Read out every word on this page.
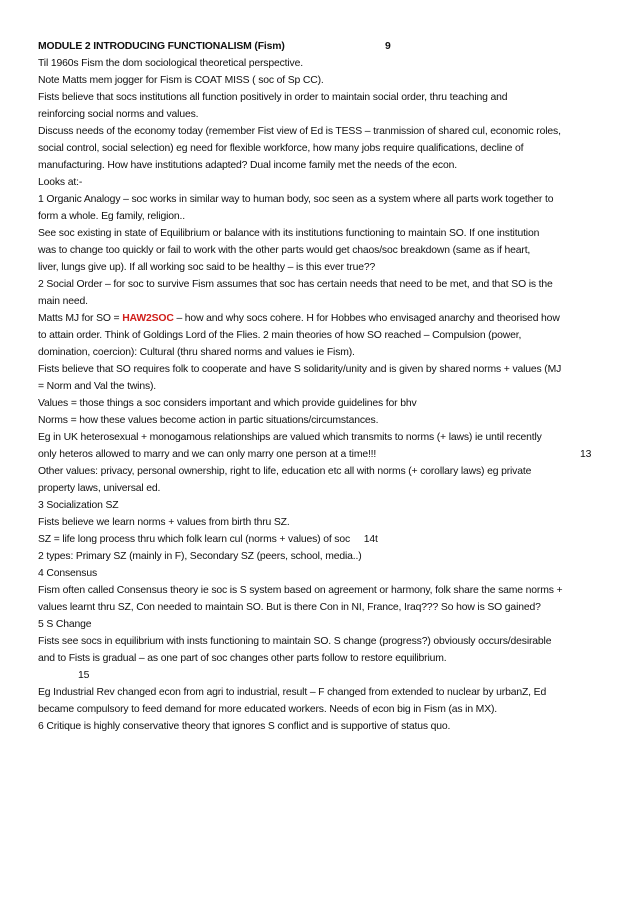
MODULE 2 INTRODUCING FUNCTIONALISM (Fism)	9
Til 1960s Fism the dom sociological theoretical perspective.
Note Matts mem jogger for Fism is COAT MISS ( soc of Sp CC).
Fists believe that socs institutions all function positively in order to maintain social order, thru teaching and
reinforcing social norms and values.
Discuss needs of the economy today (remember Fist view of Ed is TESS – tranmission of shared cul, economic roles,
social control, social selection) eg need for flexible workforce, how many jobs require qualifications, decline of
manufacturing. How have institutions adapted? Dual income family met the needs of the econ.
Looks at:-
1 Organic Analogy – soc works in similar way to human body, soc seen as a system where all parts work together to
form a whole. Eg family, religion..
See soc existing in state of Equilibrium or balance with its institutions functioning to maintain SO. If one institution
was to change too quickly or fail to work with the other parts would get chaos/soc breakdown (same as if heart,
liver, lungs give up). If all working soc said to be healthy – is this ever true??
2 Social Order – for soc to survive Fism assumes that soc has certain needs that need to be met, and that SO is the
main need.
Matts MJ for SO = HAW2SOC – how and why socs cohere. H for Hobbes who envisaged anarchy and theorised how
to attain order. Think of Goldings Lord of the Flies. 2 main theories of how SO reached – Compulsion (power,
domination, coercion): Cultural (thru shared norms and values ie Fism).
Fists believe that SO requires folk to cooperate and have S solidarity/unity and is given by shared norms + values (MJ
= Norm and Val the twins).
Values = those things a soc considers important and which provide guidelines for bhv
Norms = how these values become action in partic situations/circumstances.
Eg in UK heterosexual + monogamous relationships are valued which transmits to norms (+ laws) ie until recently
only heteros allowed to marry and we can only marry one person at a time!!!	13
Other values: privacy, personal ownership, right to life, education etc all with norms (+ corollary laws) eg private
property laws, universal ed.
3 Socialization SZ
Fists believe we learn norms + values from birth thru SZ.
SZ = life long process thru which folk learn cul (norms + values) of soc 14t
2 types: Primary SZ (mainly in F), Secondary SZ (peers, school, media..)
4 Consensus
Fism often called Consensus theory ie soc is S system based on agreement or harmony, folk share the same norms +
values learnt thru SZ, Con needed to maintain SO. But is there Con in NI, France, Iraq??? So how is SO gained?
5 S Change
Fists see socs in equilibrium with insts functioning to maintain SO. S change (progress?) obviously occurs/desirable
and to Fists is gradual – as one part of soc changes other parts follow to restore equilibrium.
15
Eg Industrial Rev changed econ from agri to industrial, result – F changed from extended to nuclear by urbanZ, Ed
became compulsory to feed demand for more educated workers. Needs of econ big in Fism (as in MX).
6 Critique is highly conservative theory that ignores S conflict and is supportive of status quo.
